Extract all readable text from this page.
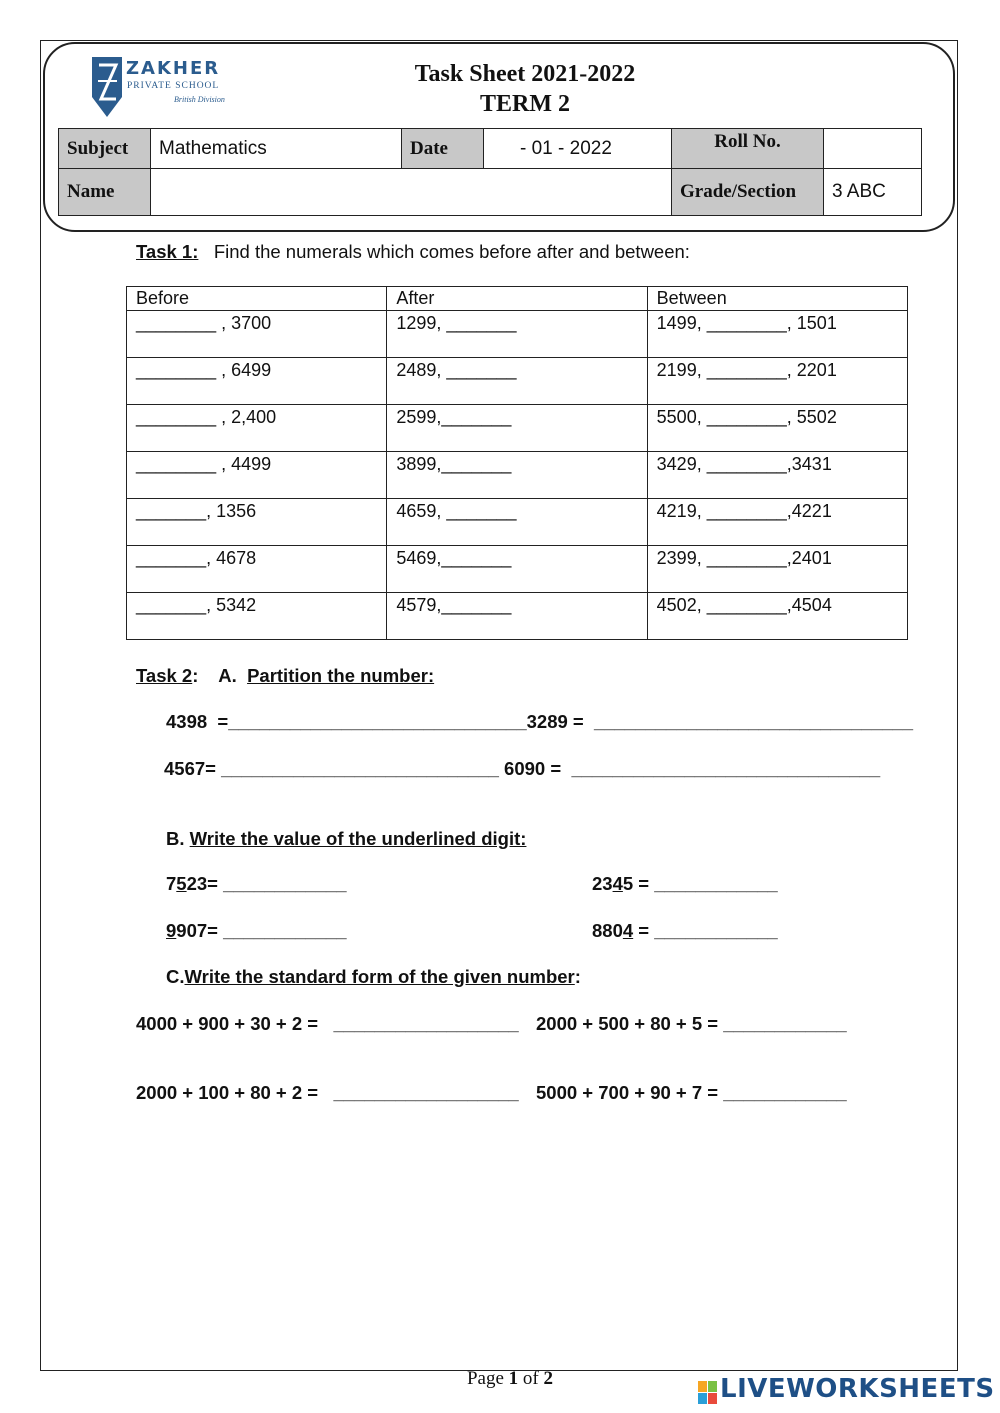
ZAKHER
PRIVATE SCHOOL
British Division
Task Sheet 2021-2022
TERM 2
Subject	Mathematics	Date	- 01 - 2022	Roll No.	
Name				Grade/Section	3 ABC
Task 1: Find the numerals which comes before after and between:
Before	After	Between
________ , 3700	1299, _______	1499, ________, 1501
________ , 6499	2489, _______	2199, ________, 2201
________ , 2,400	2599,_______	5500, ________, 5502
________ , 4499	3899,_______	3429, ________,3431
_______, 1356	4659, _______	4219, ________,4221
_______, 4678	5469,_______	2399, ________,2401
_______, 5342	4579,_______	4502, ________,4504
Task 2: A. Partition the number:
4398  =_____________________________3289 =  _______________________________
4567= ___________________________ 6090 =  ______________________________
B. Write the value of the underlined digit:
7523= ____________	2345 = ____________
9907= ____________	8804 = ____________
C.Write the standard form of the given number:
4000 + 900 + 30 + 2 =   __________________ 2000 + 500 + 80 + 5 = ____________
2000 + 100 + 80 + 2 =   __________________ 5000 + 700 + 90 + 7 = ____________
Page 1 of 2	LIVEWORKSHEETS
